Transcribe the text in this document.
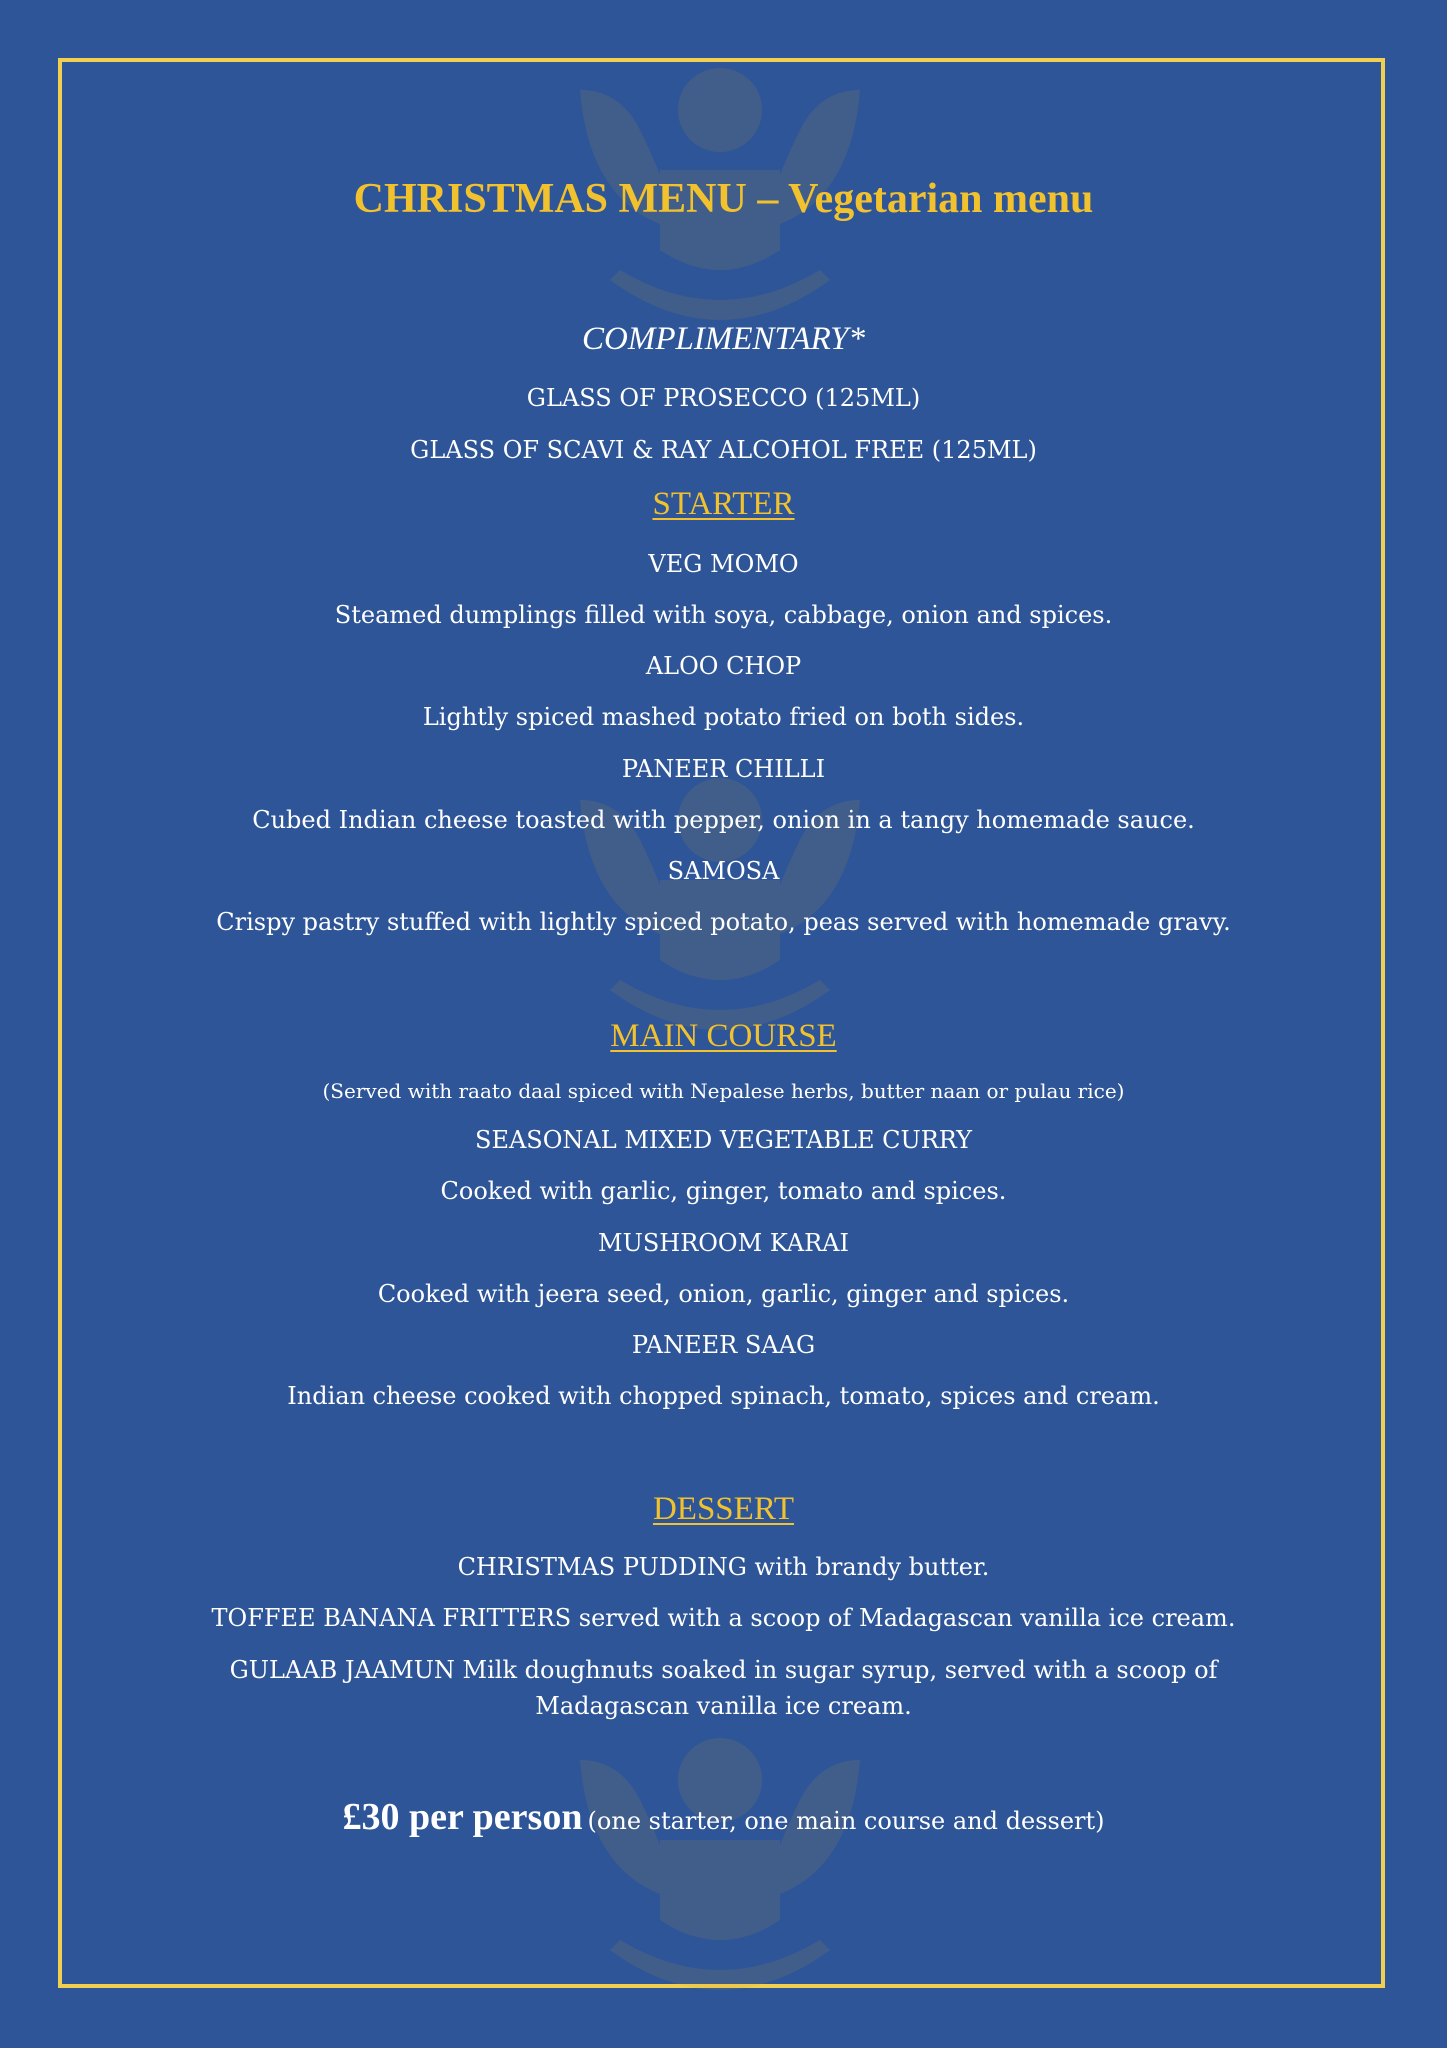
CHRISTMAS MENU – Vegetarian menu
COMPLIMENTARY*
GLASS OF PROSECCO (125ML)
GLASS OF SCAVI & RAY ALCOHOL FREE (125ML)
STARTER
VEG MOMO
Steamed dumplings filled with soya, cabbage, onion and spices.
ALOO CHOP
Lightly spiced mashed potato fried on both sides.
PANEER CHILLI
Cubed Indian cheese toasted with pepper, onion in a tangy homemade sauce.
SAMOSA
Crispy pastry stuffed with lightly spiced potato, peas served with homemade gravy.
MAIN COURSE
(Served with raato daal spiced with Nepalese herbs, butter naan or pulau rice)
SEASONAL MIXED VEGETABLE CURRY
Cooked with garlic, ginger, tomato and spices.
MUSHROOM KARAI
Cooked with jeera seed, onion, garlic, ginger and spices.
PANEER SAAG
Indian cheese cooked with chopped spinach, tomato, spices and cream.
DESSERT
CHRISTMAS PUDDING with brandy butter.
TOFFEE BANANA FRITTERS served with a scoop of Madagascan vanilla ice cream.
GULAAB JAAMUN Milk doughnuts soaked in sugar syrup, served with a scoop of Madagascan vanilla ice cream.
£30 per person (one starter, one main course and dessert)
